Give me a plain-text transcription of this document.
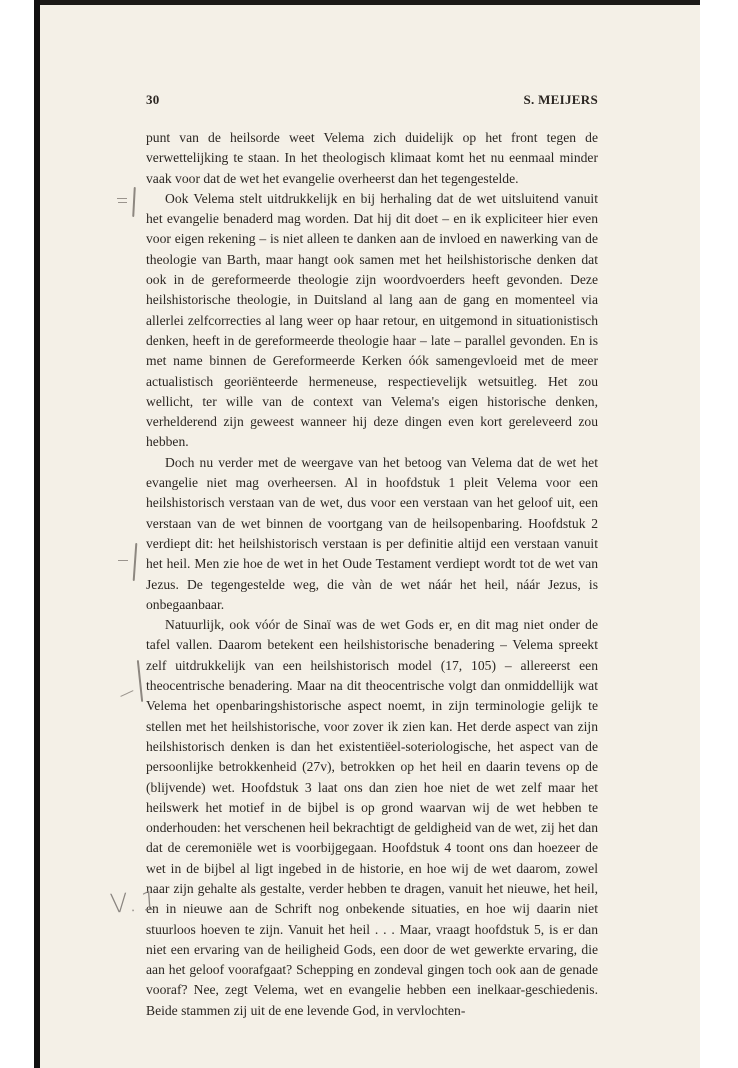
30	S. MEIJERS

punt van de heilsorde weet Velema zich duidelijk op het front tegen de verwettelijking te staan. In het theologisch klimaat komt het nu eenmaal minder vaak voor dat de wet het evangelie overheerst dan het tegengestelde.

Ook Velema stelt uitdrukkelijk en bij herhaling dat de wet uitsluitend vanuit het evangelie benaderd mag worden. Dat hij dit doet – en ik expliciteer hier even voor eigen rekening – is niet alleen te danken aan de invloed en nawerking van de theologie van Barth, maar hangt ook samen met het heilshistorische denken dat ook in de gereformeerde theologie zijn woordvoerders heeft gevonden. Deze heilshistorische theologie, in Duitsland al lang aan de gang en momenteel via allerlei zelfcorrecties al lang weer op haar retour, en uitgemond in situationistisch denken, heeft in de gereformeerde theologie haar – late – parallel gevonden. En is met name binnen de Gereformeerde Kerken óók samengevloeid met de meer actualistisch georiënteerde hermeneuse, respectievelijk wetsuitleg. Het zou wellicht, ter wille van de context van Velema's eigen historische denken, verhelderend zijn geweest wanneer hij deze dingen even kort gereleveerd zou hebben.

Doch nu verder met de weergave van het betoog van Velema dat de wet het evangelie niet mag overheersen. Al in hoofdstuk 1 pleit Velema voor een heilshistorisch verstaan van de wet, dus voor een verstaan van het geloof uit, een verstaan van de wet binnen de voortgang van de heilsopenbaring. Hoofdstuk 2 verdiept dit: het heilshistorisch verstaan is per definitie altijd een verstaan vanuit het heil. Men zie hoe de wet in het Oude Testament verdiept wordt tot de wet van Jezus. De tegengestelde weg, die vàn de wet náár het heil, náár Jezus, is onbegaanbaar.

Natuurlijk, ook vóór de Sinaï was de wet Gods er, en dit mag niet onder de tafel vallen. Daarom betekent een heilshistorische benadering – Velema spreekt zelf uitdrukkelijk van een heilshistorisch model (17, 105) – allereerst een theocentrische benadering. Maar na dit theocentrische volgt dan onmiddellijk wat Velema het openbaringshistorische aspect noemt, in zijn terminologie gelijk te stellen met het heilshistorische, voor zover ik zien kan. Het derde aspect van zijn heilshistorisch denken is dan het existentiëel-soteriologische, het aspect van de persoonlijke betrokkenheid (27v), betrokken op het heil en daarin tevens op de (blijvende) wet. Hoofdstuk 3 laat ons dan zien hoe niet de wet zelf maar het heilswerk het motief in de bijbel is op grond waarvan wij de wet hebben te onderhouden: het verschenen heil bekrachtigt de geldigheid van de wet, zij het dan dat de ceremoniële wet is voorbijgegaan. Hoofdstuk 4 toont ons dan hoezeer de wet in de bijbel al ligt ingebed in de historie, en hoe wij de wet daarom, zowel naar zijn gehalte als gestalte, verder hebben te dragen, vanuit het nieuwe, het heil, en in nieuwe aan de Schrift nog onbekende situaties, en hoe wij daarin niet stuurloos hoeven te zijn. Vanuit het heil . . . Maar, vraagt hoofdstuk 5, is er dan niet een ervaring van de heiligheid Gods, een door de wet gewerkte ervaring, die aan het geloof voorafgaat? Schepping en zondeval gingen toch ook aan de genade vooraf? Nee, zegt Velema, wet en evangelie hebben een inelkaar-geschiedenis. Beide stammen zij uit de ene levende God, in vervlochten-

V.1
